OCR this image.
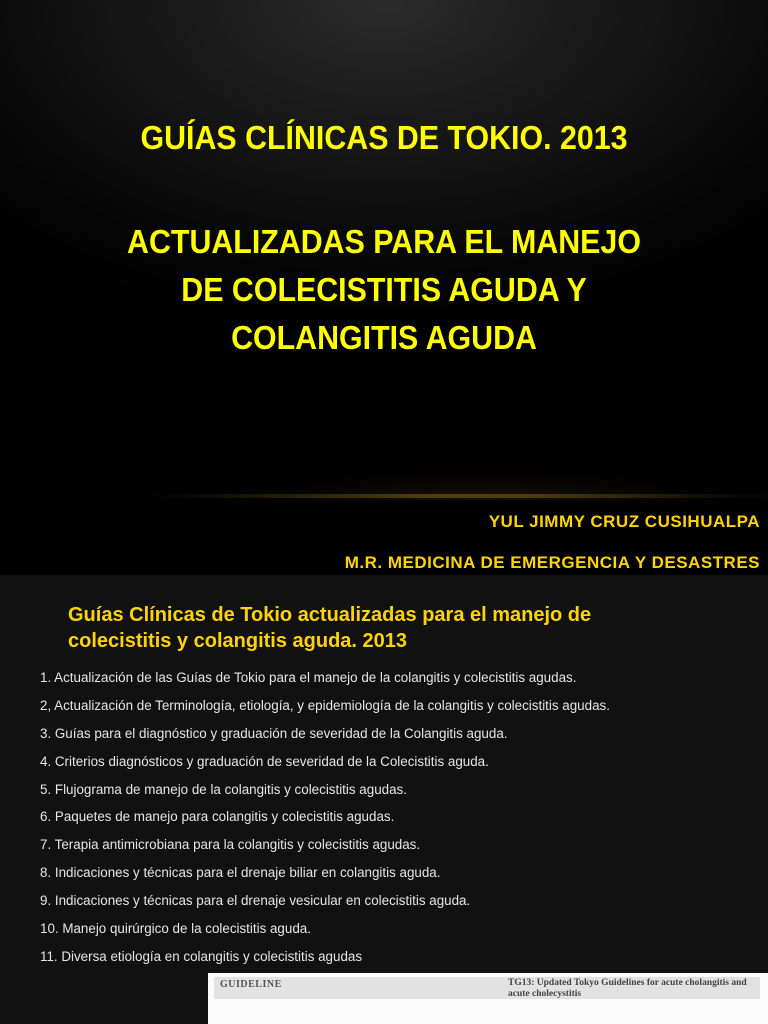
GUÍAS CLÍNICAS DE TOKIO. 2013
ACTUALIZADAS PARA EL MANEJO
DE COLECISTITIS AGUDA Y
COLANGITIS AGUDA
YUL JIMMY CRUZ CUSIHUALPA
M.R. MEDICINA DE EMERGENCIA Y DESASTRES
Guías Clínicas de Tokio actualizadas para el manejo de
colecistitis y colangitis aguda. 2013
1. Actualización de las Guías de Tokio para el manejo de la colangitis y colecistitis agudas.
2, Actualización de Terminología, etiología, y epidemiología de la colangitis y colecistitis agudas.
3. Guías para el diagnóstico y graduación de severidad de la Colangitis aguda.
4. Criterios diagnósticos y graduación de severidad de la Colecistitis aguda.
5. Flujograma de manejo de la colangitis y colecistitis agudas.
6. Paquetes de manejo para colangitis y colecistitis agudas.
7. Terapia antimicrobiana para la colangitis y colecistitis agudas.
8. Indicaciones y técnicas para el drenaje biliar en colangitis aguda.
9. Indicaciones y técnicas para el drenaje vesicular en colecistitis aguda.
10. Manejo quirúrgico de la colecistitis aguda.
11. Diversa etiología en colangitis y colecistitis agudas
GUIDELINE	TG13: Updated Tokyo Guidelines for acute cholangitis and acute cholecystitis
